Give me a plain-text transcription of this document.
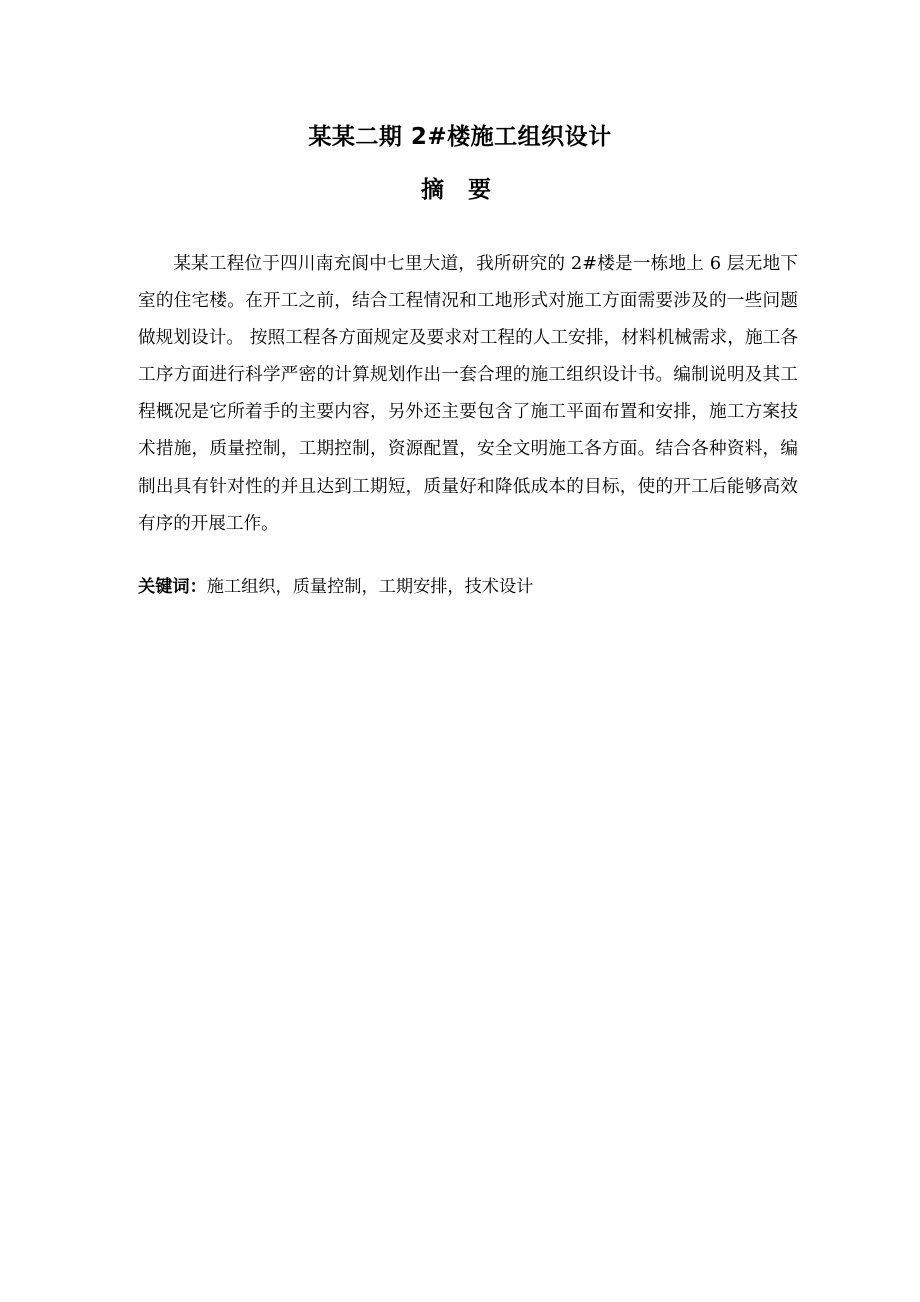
某某二期 2#楼施工组织设计
摘 要

某某工程位于四川南充阆中七里大道，我所研究的 2#楼是一栋地上 6 层无地下室的住宅楼。在开工之前，结合工程情况和工地形式对施工方面需要涉及的一些问题做规划设计。 按照工程各方面规定及要求对工程的人工安排，材料机械需求，施工各工序方面进行科学严密的计算规划作出一套合理的施工组织设计书。编制说明及其工程概况是它所着手的主要内容，另外还主要包含了施工平面布置和安排，施工方案技术措施，质量控制，工期控制，资源配置，安全文明施工各方面。结合各种资料，编制出具有针对性的并且达到工期短，质量好和降低成本的目标，使的开工后能够高效有序的开展工作。

关键词：施工组织，质量控制，工期安排，技术设计
